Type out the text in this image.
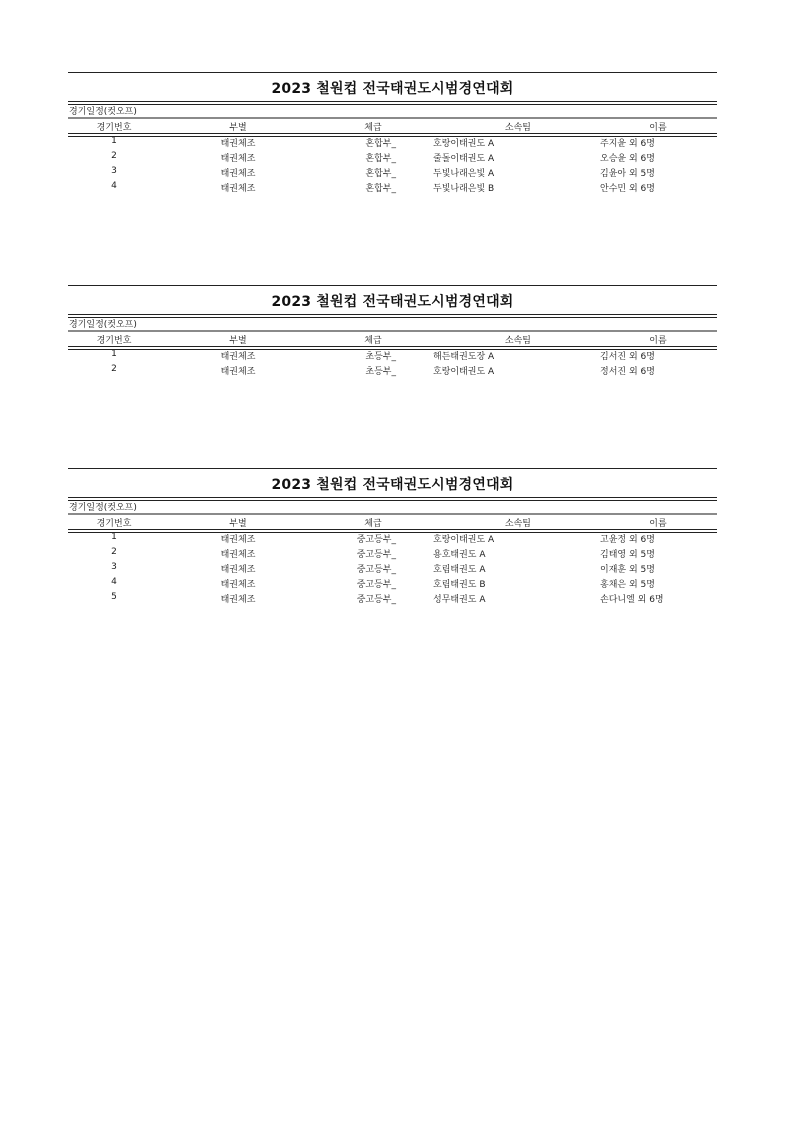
2023 철원컵 전국태권도시범경연대회
경기일정(컷오프)
경기번호	부별	체급	소속팀	이름
1	태권체조	혼합부_	호랑이태권도 A	주지윤 외 6명
2	태권체조	혼합부_	줄돌이태권도 A	오승윤 외 6명
3	태권체조	혼합부_	두빛나래은빛 A	김윤아 외 5명
4	태권체조	혼합부_	두빛나래은빛 B	안수민 외 6명
2023 철원컵 전국태권도시범경연대회
경기일정(컷오프)
경기번호	부별	체급	소속팀	이름
1	태권체조	초등부_	해든태권도장 A	김서진 외 6명
2	태권체조	초등부_	호랑이태권도 A	정서진 외 6명
2023 철원컵 전국태권도시범경연대회
경기일정(컷오프)
경기번호	부별	체급	소속팀	이름
1	태권체조	중고등부_	호랑이태권도 A	고윤정 외 6명
2	태권체조	중고등부_	용호태권도 A	김태영 외 5명
3	태권체조	중고등부_	호림태권도 A	이재훈 외 5명
4	태권체조	중고등부_	호림태권도 B	홍채은 외 5명
5	태권체조	중고등부_	성무태권도 A	손다니엘 외 6명
